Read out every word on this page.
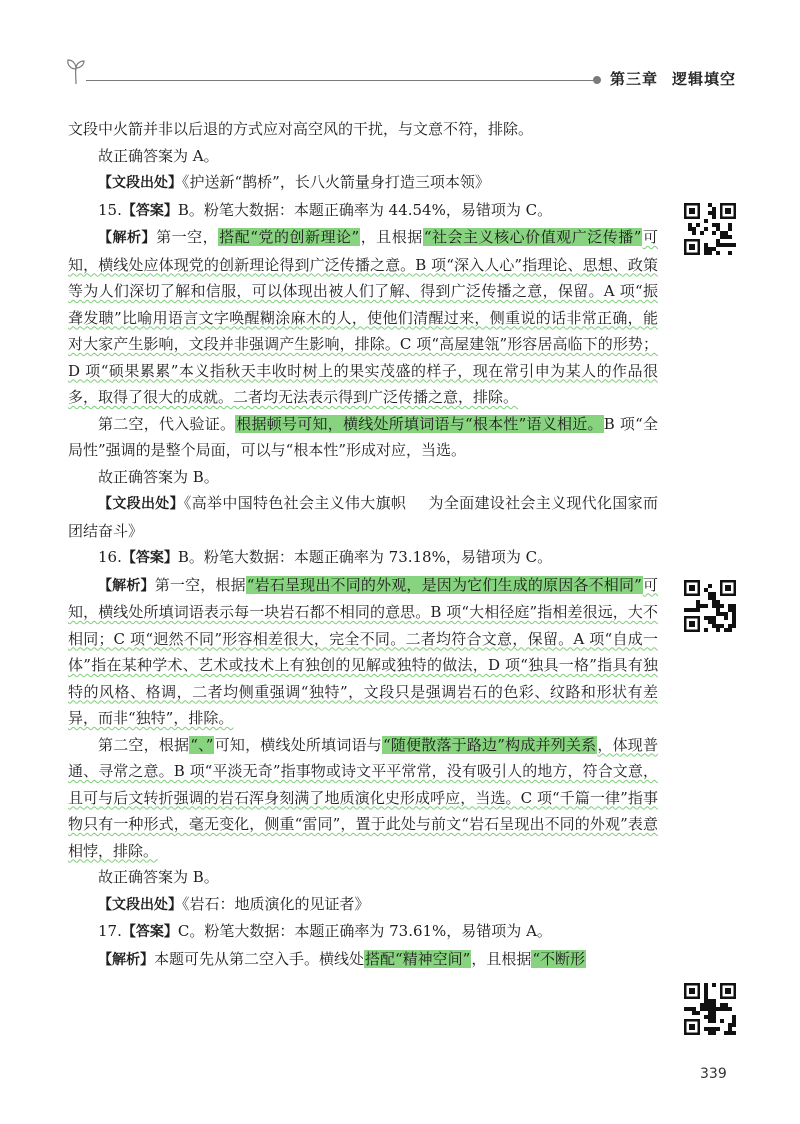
第三章 逻辑填空

文段中火箭并非以后退的方式应对高空风的干扰，与文意不符，排除。

故正确答案为 A。

【文段出处】《护送新“鹊桥”，长八火箭量身打造三项本领》

15.【答案】B。粉笔大数据：本题正确率为 44.54%，易错项为 C。

【解析】第一空，搭配“党的创新理论”，且根据“社会主义核心价值观广泛传播”可知，横线处应体现党的创新理论得到广泛传播之意。B 项“深入人心”指理论、思想、政策等为人们深切了解和信服，可以体现出被人们了解、得到广泛传播之意，保留。A 项“振聋发聩”比喻用语言文字唤醒糊涂麻木的人，使他们清醒过来，侧重说的话非常正确，能对大家产生影响，文段并非强调产生影响，排除。C 项“高屋建瓴”形容居高临下的形势；D 项“硕果累累”本义指秋天丰收时树上的果实茂盛的样子，现在常引申为某人的作品很多，取得了很大的成就。二者均无法表示得到广泛传播之意，排除。

第二空，代入验证。根据顿号可知，横线处所填词语与“根本性”语义相近。B 项“全局性”强调的是整个局面，可以与“根本性”形成对应，当选。

故正确答案为 B。

【文段出处】《高举中国特色社会主义伟大旗帜 为全面建设社会主义现代化国家而团结奋斗》

16.【答案】B。粉笔大数据：本题正确率为 73.18%，易错项为 C。

【解析】第一空，根据“岩石呈现出不同的外观，是因为它们生成的原因各不相同”可知，横线处所填词语表示每一块岩石都不相同的意思。B 项“大相径庭”指相差很远，大不相同；C 项“迥然不同”形容相差很大，完全不同。二者均符合文意，保留。A 项“自成一体”指在某种学术、艺术或技术上有独创的见解或独特的做法，D 项“独具一格”指具有独特的风格、格调，二者均侧重强调“独特”，文段只是强调岩石的色彩、纹路和形状有差异，而非“独特”，排除。

第二空，根据“、”可知，横线处所填词语与“随便散落于路边”构成并列关系，体现普通、寻常之意。B 项“平淡无奇”指事物或诗文平平常常，没有吸引人的地方，符合文意，且可与后文转折强调的岩石浑身刻满了地质演化史形成呼应，当选。C 项“千篇一律”指事物只有一种形式，毫无变化，侧重“雷同”，置于此处与前文“岩石呈现出不同的外观”表意相悖，排除。

故正确答案为 B。

【文段出处】《岩石：地质演化的见证者》

17.【答案】C。粉笔大数据：本题正确率为 73.61%，易错项为 A。

【解析】本题可先从第二空入手。横线处搭配“精神空间”，且根据“不断形

339
